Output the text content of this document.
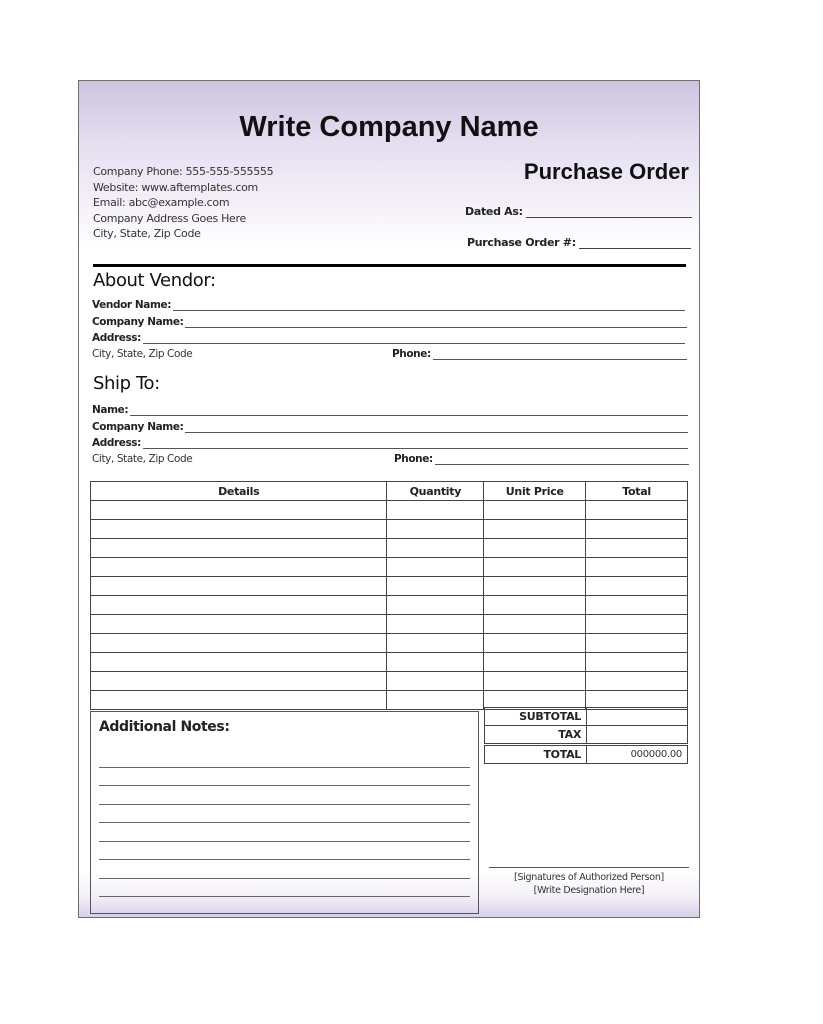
Write Company Name
Company Phone: 555-555-555555
Website: www.aftemplates.com
Email: abc@example.com
Company Address Goes Here
City, State, Zip Code
Purchase Order
Dated As:
Purchase Order #:
About Vendor:
Vendor Name:
Company Name:
Address:
City, State, Zip Code	Phone:
Ship To:
Name:
Company Name:
Address:
City, State, Zip Code	Phone:
Details	Quantity	Unit Price	Total

Additional Notes:
SUBTOTAL	
TAX	
TOTAL	000000.00
[Signatures of Authorized Person]
[Write Designation Here]
